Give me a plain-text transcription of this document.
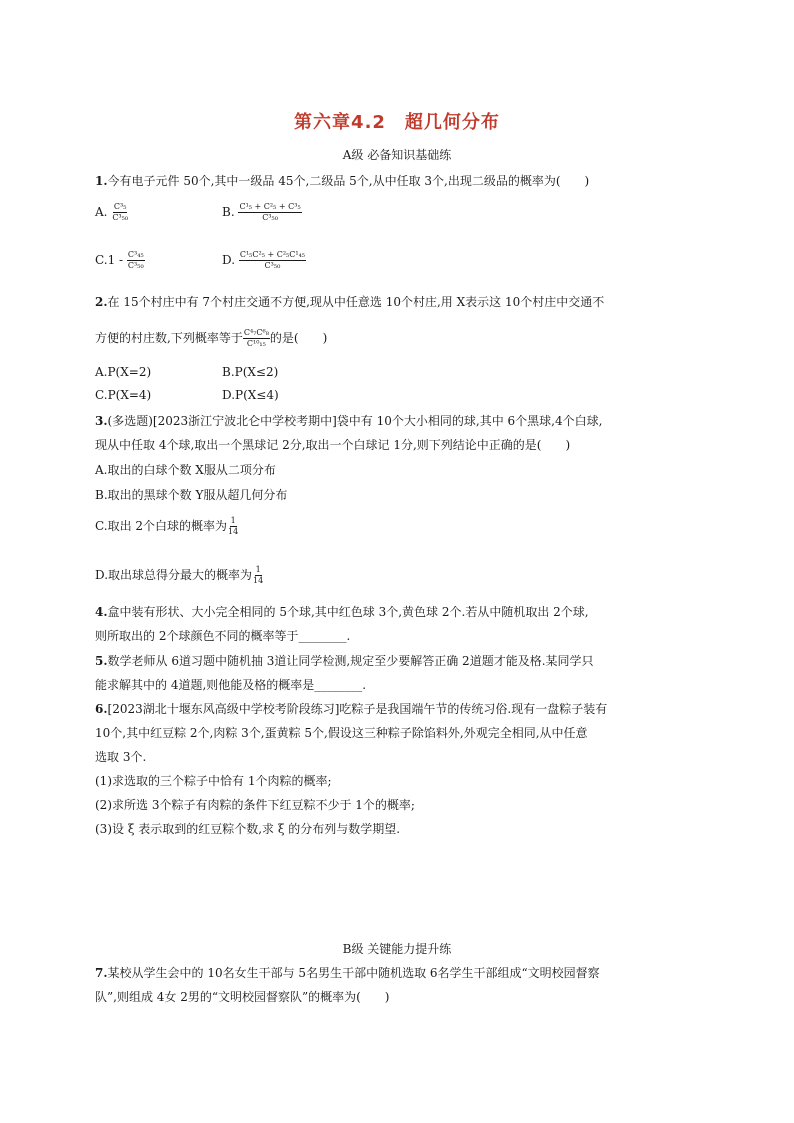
第六章4.2　超几何分布
A级 必备知识基础练
1.今有电子元件 50个,其中一级品 45个,二级品 5个,从中任取 3个,出现二级品的概率为(　　)
A. $\frac{\text{C³₅}}{\text{C³₅₀}}$	B. $\frac{\text{C¹₅ + C²₅ + C³₅}}{\text{C³₅₀}}$
$C.1 - \frac{\text{C³₄₅}}{\text{C³₅₀}}$	D. $\frac{\text{C¹₅C²₅ + C²₅C¹₄₅}}{\text{C³₅₀}}$
2.在 15个村庄中有 7个村庄交通不方便,现从中任意选 10个村庄,用 X表示这 10个村庄中交通不
方便的村庄数,下列概率等于 $\frac{\text{C⁴₇C⁶₈}}{\text{C¹⁰₁₅}}$ 的是(　　)
A.P(X=2)	B.P(X≤2)
C.P(X=4)	D.P(X≤4)
3.(多选题)[2023浙江宁波北仑中学校考期中]袋中有 10个大小相同的球,其中 6个黑球,4个白球,
现从中任取 4个球,取出一个黑球记 2分,取出一个白球记 1分,则下列结论中正确的是(　　)
A.取出的白球个数 X服从二项分布
B.取出的黑球个数 Y服从超几何分布
C.取出 2个白球的概率为 $\frac{1}{14}$
D.取出球总得分最大的概率为 $\frac{1}{14}$
4.盒中装有形状、大小完全相同的 5个球,其中红色球 3个,黄色球 2个.若从中随机取出 2个球,
则所取出的 2个球颜色不同的概率等于________.
5.数学老师从 6道习题中随机抽 3道让同学检测,规定至少要解答正确 2道题才能及格.某同学只
能求解其中的 4道题,则他能及格的概率是________.
6.[2023湖北十堰东风高级中学校考阶段练习]吃粽子是我国端午节的传统习俗.现有一盘粽子装有
10个,其中红豆粽 2个,肉粽 3个,蛋黄粽 5个,假设这三种粽子除馅料外,外观完全相同,从中任意
选取 3个.
(1)求选取的三个粽子中恰有 1个肉粽的概率;
(2)求所选 3个粽子有肉粽的条件下红豆粽不少于 1个的概率;
(3)设 ξ 表示取到的红豆粽个数,求 ξ 的分布列与数学期望.
B级 关键能力提升练
7.某校从学生会中的 10名女生干部与 5名男生干部中随机选取 6名学生干部组成“文明校园督察
队”,则组成 4女 2男的“文明校园督察队”的概率为(　　)
